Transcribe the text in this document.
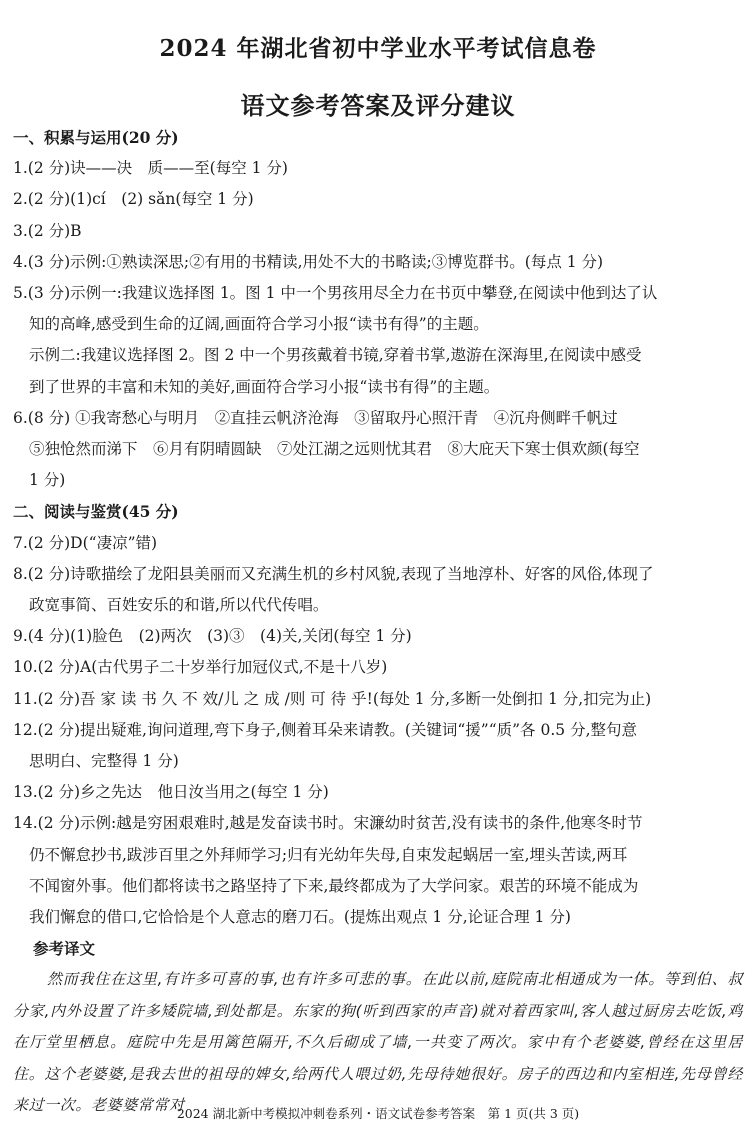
2024 年湖北省初中学业水平考试信息卷
语文参考答案及评分建议
一、积累与运用(20 分)
1.(2 分)诀——决　质——至(每空 1 分)
2.(2 分)(1)cí　(2) sǎn(每空 1 分)
3.(2 分)B
4.(3 分)示例:①熟读深思;②有用的书精读,用处不大的书略读;③博览群书。(每点 1 分)
5.(3 分)示例一:我建议选择图 1。图 1 中一个男孩用尽全力在书页中攀登,在阅读中他到达了认
知的高峰,感受到生命的辽阔,画面符合学习小报“读书有得”的主题。
示例二:我建议选择图 2。图 2 中一个男孩戴着书镜,穿着书掌,遨游在深海里,在阅读中感受
到了世界的丰富和未知的美好,画面符合学习小报“读书有得”的主题。
6.(8 分) ①我寄愁心与明月　②直挂云帆济沧海　③留取丹心照汗青　④沉舟侧畔千帆过
⑤独怆然而涕下　⑥月有阴晴圆缺　⑦处江湖之远则忧其君　⑧大庇天下寒士俱欢颜(每空
1 分)
二、阅读与鉴赏(45 分)
7.(2 分)D(“凄凉”错)
8.(2 分)诗歌描绘了龙阳县美丽而又充满生机的乡村风貌,表现了当地淳朴、好客的风俗,体现了
政宽事简、百姓安乐的和谐,所以代代传唱。
9.(4 分)(1)脸色　(2)两次　(3)③　(4)关,关闭(每空 1 分)
10.(2 分)A(古代男子二十岁举行加冠仪式,不是十八岁)
11.(2 分)吾 家 读 书 久 不 效/儿 之 成 /则 可 待 乎!(每处 1 分,多断一处倒扣 1 分,扣完为止)
12.(2 分)提出疑难,询问道理,弯下身子,侧着耳朵来请教。(关键词“援”“质”各 0.5 分,整句意
思明白、完整得 1 分)
13.(2 分)乡之先达　他日汝当用之(每空 1 分)
14.(2 分)示例:越是穷困艰难时,越是发奋读书时。宋濂幼时贫苦,没有读书的条件,他寒冬时节
仍不懈怠抄书,跋涉百里之外拜师学习;归有光幼年失母,自束发起蜗居一室,埋头苦读,两耳
不闻窗外事。他们都将读书之路坚持了下来,最终都成为了大学问家。艰苦的环境不能成为
我们懈怠的借口,它恰恰是个人意志的磨刀石。(提炼出观点 1 分,论证合理 1 分)
参考译文
然而我住在这里,有许多可喜的事,也有许多可悲的事。在此以前,庭院南北相通成为一体。等到伯、叔分家,内外设置了许多矮院墙,到处都是。东家的狗(听到西家的声音)就对着西家叫,客人越过厨房去吃饭,鸡在厅堂里栖息。庭院中先是用篱笆隔开,不久后砌成了墙,一共变了两次。家中有个老婆婆,曾经在这里居住。这个老婆婆,是我去世的祖母的婢女,给两代人喂过奶,先母待她很好。房子的西边和内室相连,先母曾经来过一次。老婆婆常常对
2024 湖北新中考模拟冲刺卷系列・语文试卷参考答案　第 1 页(共 3 页)
